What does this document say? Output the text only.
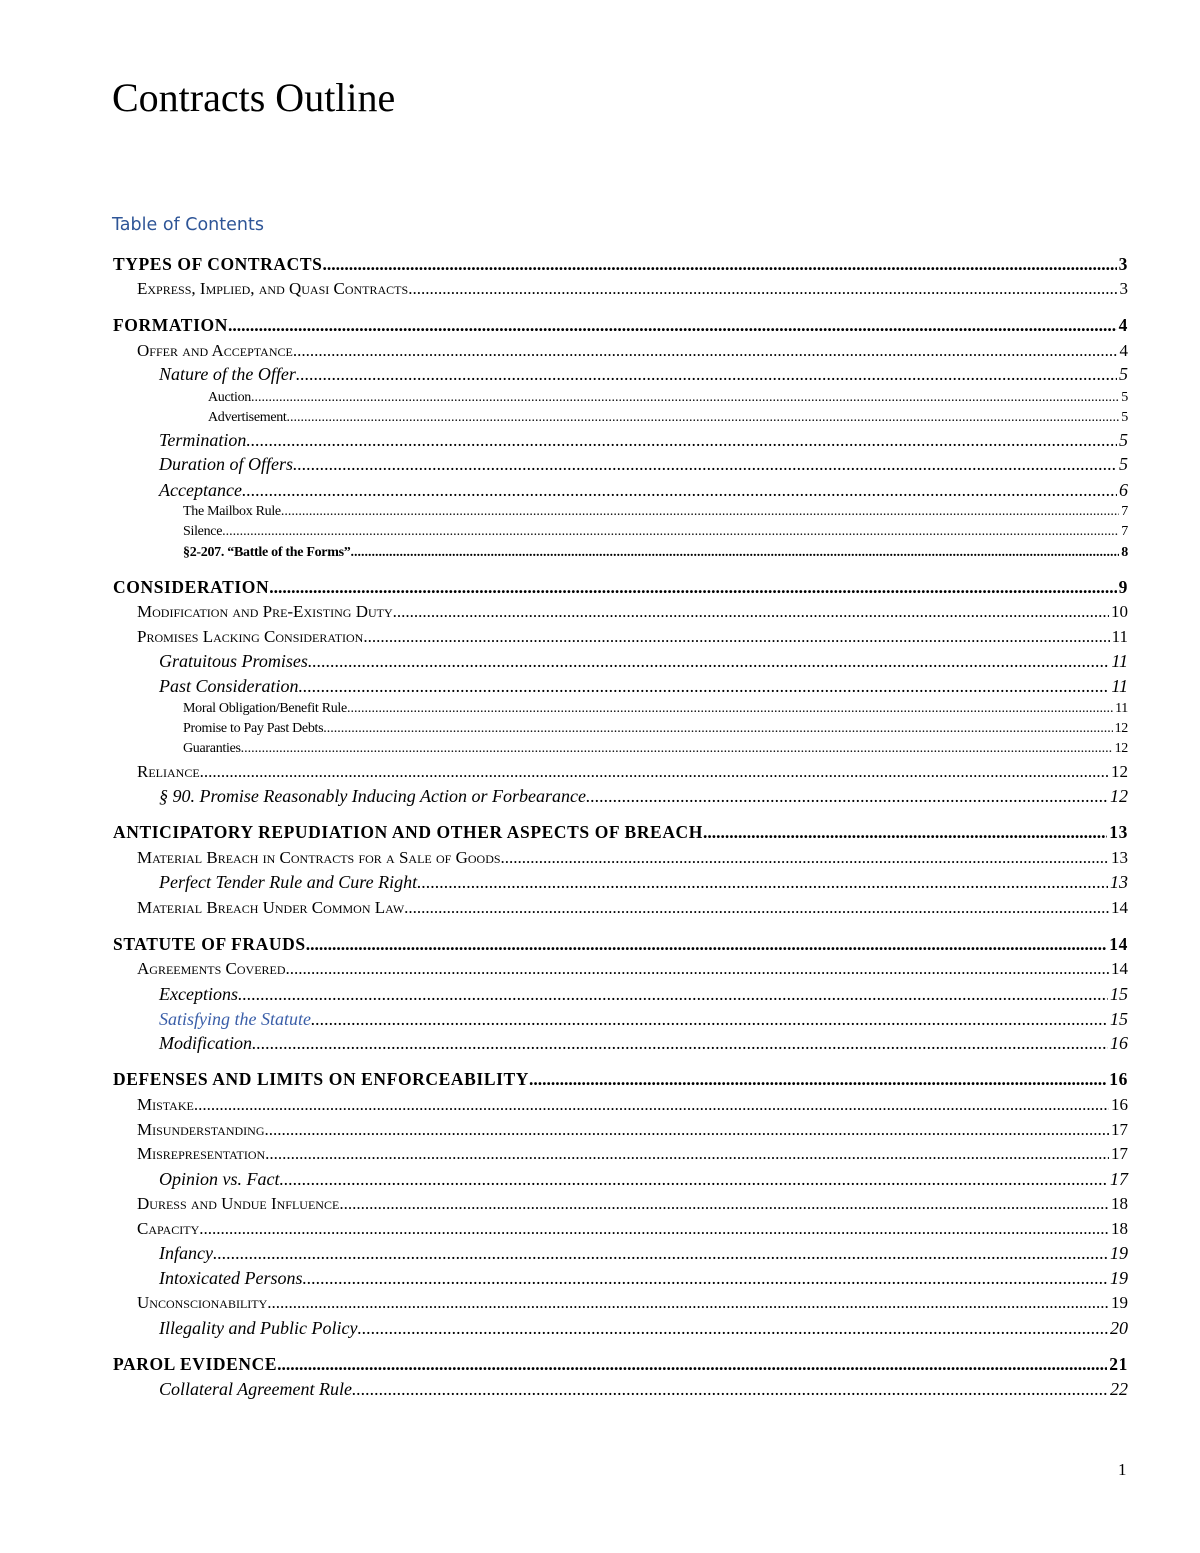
Contracts Outline
Table of Contents
TYPES OF CONTRACTS .....	3
Express, Implied, and Quasi Contracts .....	3
FORMATION .....	4
Offer and Acceptance .....	4
Nature of the Offer .....	5
Auction .....	5
Advertisement .....	5
Termination .....	5
Duration of Offers .....	5
Acceptance .....	6
The Mailbox Rule .....	7
Silence .....	7
§2-207. “Battle of the Forms” .....	8
CONSIDERATION .....	9
Modification and Pre-Existing Duty .....	10
Promises Lacking Consideration .....	11
Gratuitous Promises .....	11
Past Consideration .....	11
Moral Obligation/Benefit Rule .....	11
Promise to Pay Past Debts .....	12
Guaranties .....	12
Reliance .....	12
§ 90. Promise Reasonably Inducing Action or Forbearance .....	12
ANTICIPATORY REPUDIATION AND OTHER ASPECTS OF BREACH .....	13
Material Breach in Contracts for a Sale of Goods .....	13
Perfect Tender Rule and Cure Right .....	13
Material Breach Under Common Law .....	14
STATUTE OF FRAUDS .....	14
Agreements Covered .....	14
Exceptions .....	15
Satisfying the Statute .....	15
Modification .....	16
DEFENSES AND LIMITS ON ENFORCEABILITY .....	16
Mistake .....	16
Misunderstanding .....	17
Misrepresentation .....	17
Opinion vs. Fact .....	17
Duress and Undue Influence .....	18
Capacity .....	18
Infancy .....	19
Intoxicated Persons .....	19
Unconscionability .....	19
Illegality and Public Policy .....	20
PAROL EVIDENCE .....	21
Collateral Agreement Rule .....	22
1
